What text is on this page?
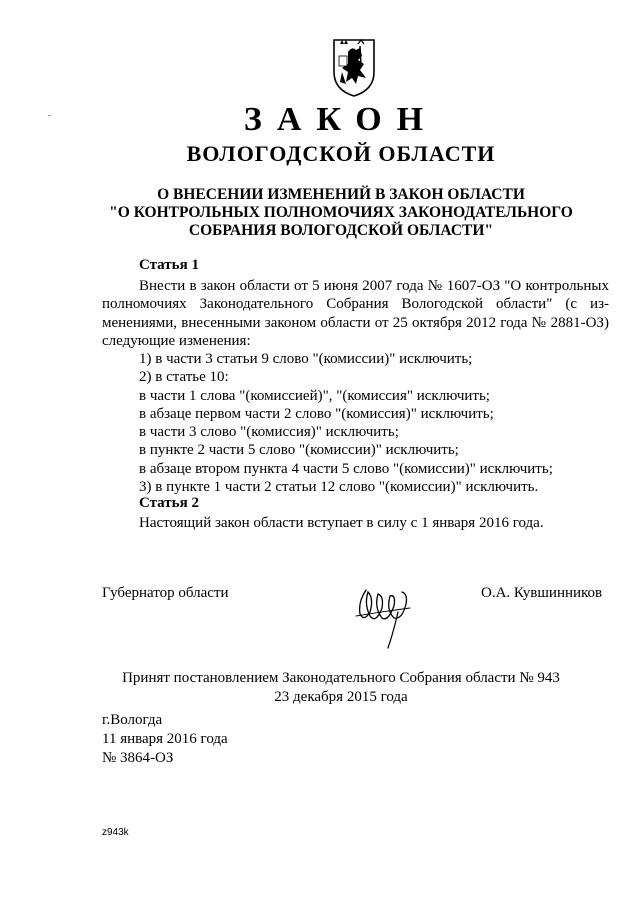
ЗАКОН
ВОЛОГОДСКОЙ ОБЛАСТИ
О ВНЕСЕНИИ ИЗМЕНЕНИЙ В ЗАКОН ОБЛАСТИ
"О КОНТРОЛЬНЫХ ПОЛНОМОЧИЯХ ЗАКОНОДАТЕЛЬНОГО
СОБРАНИЯ ВОЛОГОДСКОЙ ОБЛАСТИ"
Статья 1
Внести в закон области от 5 июня 2007 года № 1607-ОЗ "О контрольных полномочиях Законодательного Собрания Вологодской области" (с изменениями, внесенными законом области от 25 октября 2012 года № 2881-ОЗ) следующие изменения:
1) в части 3 статьи 9 слово "(комиссии)" исключить;
2) в статье 10:
в части 1 слова "(комиссией)", "(комиссия" исключить;
в абзаце первом части 2 слово "(комиссия)" исключить;
в части 3 слово "(комиссия)" исключить;
в пункте 2 части 5 слово "(комиссии)" исключить;
в абзаце втором пункта 4 части 5 слово "(комиссии)" исключить;
3) в пункте 1 части 2 статьи 12 слово "(комиссии)" исключить.
Статья 2
Настоящий закон области вступает в силу с 1 января 2016 года.
Губернатор области	О.А. Кувшинников
Принят постановлением Законодательного Собрания области № 943
23 декабря 2015 года
г.Вологда
11 января 2016 года
№ 3864-ОЗ
z943k
